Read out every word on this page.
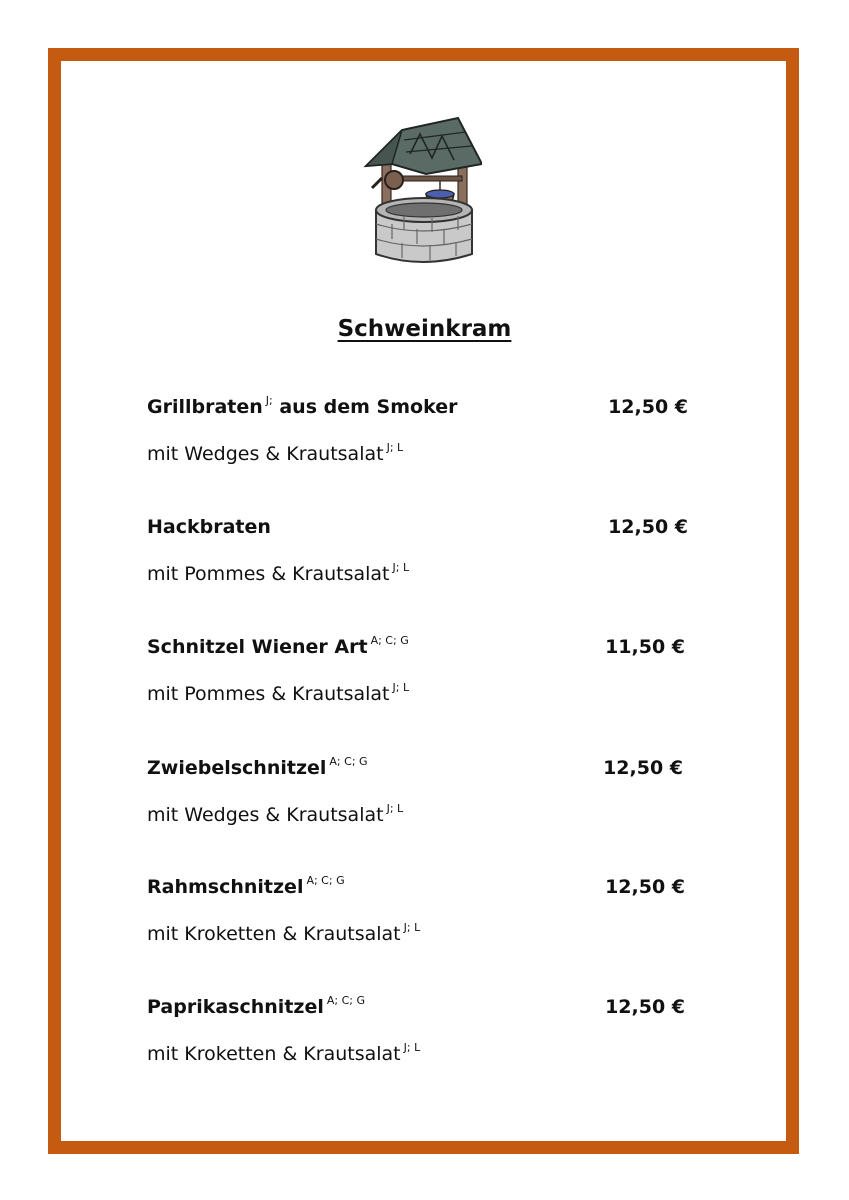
Schweinkram
Grillbraten $^{J;}$ aus dem Smoker	12,50 €
mit Wedges & Krautsalat $^{J; L}$
Hackbraten	12,50 €
mit Pommes & Krautsalat $^{J; L}$
Schnitzel Wiener Art $^{A; C; G}$	11,50 €
mit Pommes & Krautsalat $^{J; L}$
Zwiebelschnitzel $^{A; C; G}$	12,50 €
mit Wedges & Krautsalat $^{J; L}$
Rahmschnitzel $^{A; C; G}$	12,50 €
mit Kroketten & Krautsalat $^{J; L}$
Paprikaschnitzel $^{A; C; G}$	12,50 €
mit Kroketten & Krautsalat $^{J; L}$
